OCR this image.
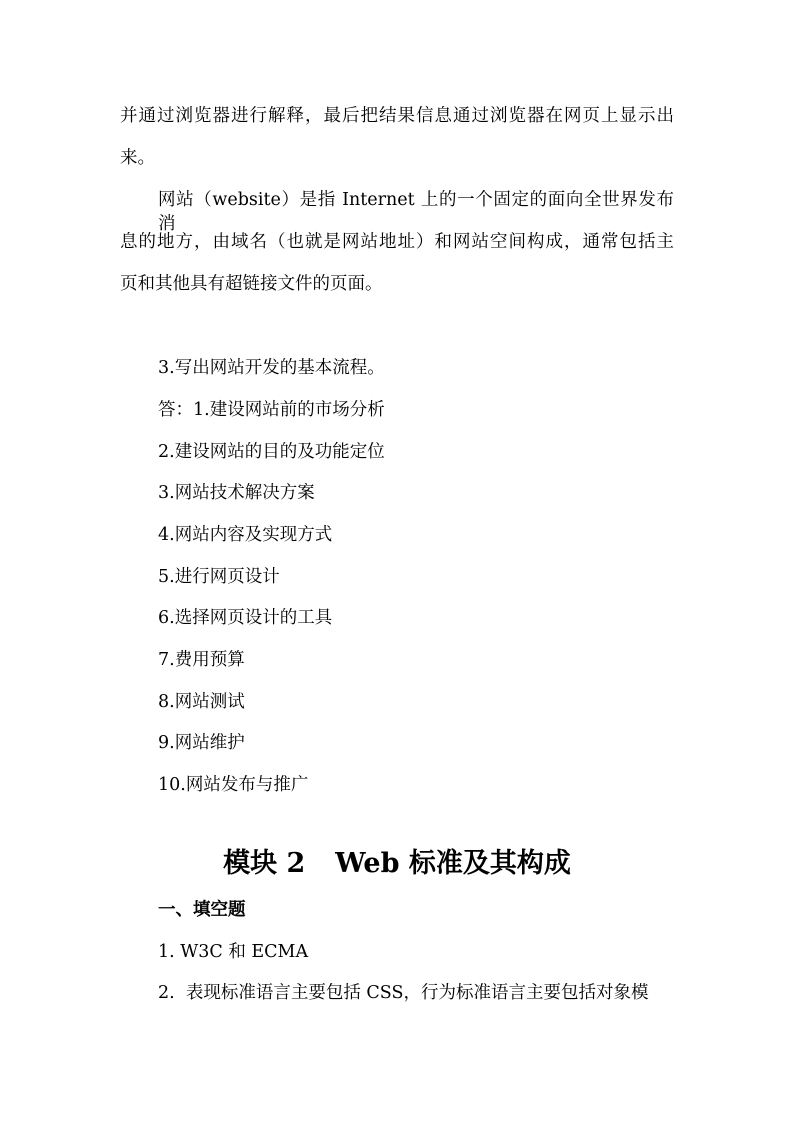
并通过浏览器进行解释，最后把结果信息通过浏览器在网页上显示出

来。

网站（website）是指 Internet 上的一个固定的面向全世界发布消

息的地方，由域名（也就是网站地址）和网站空间构成，通常包括主

页和其他具有超链接文件的页面。

3.写出网站开发的基本流程。

答：1.建设网站前的市场分析

2.建设网站的目的及功能定位

3.网站技术解决方案

4.网站内容及实现方式

5.进行网页设计

6.选择网页设计的工具

7.费用预算

8.网站测试

9.网站维护

10.网站发布与推广

模块 2 Web 标准及其构成

一、填空题

1. W3C 和 ECMA

2.  表现标准语言主要包括 CSS，行为标准语言主要包括对象模
